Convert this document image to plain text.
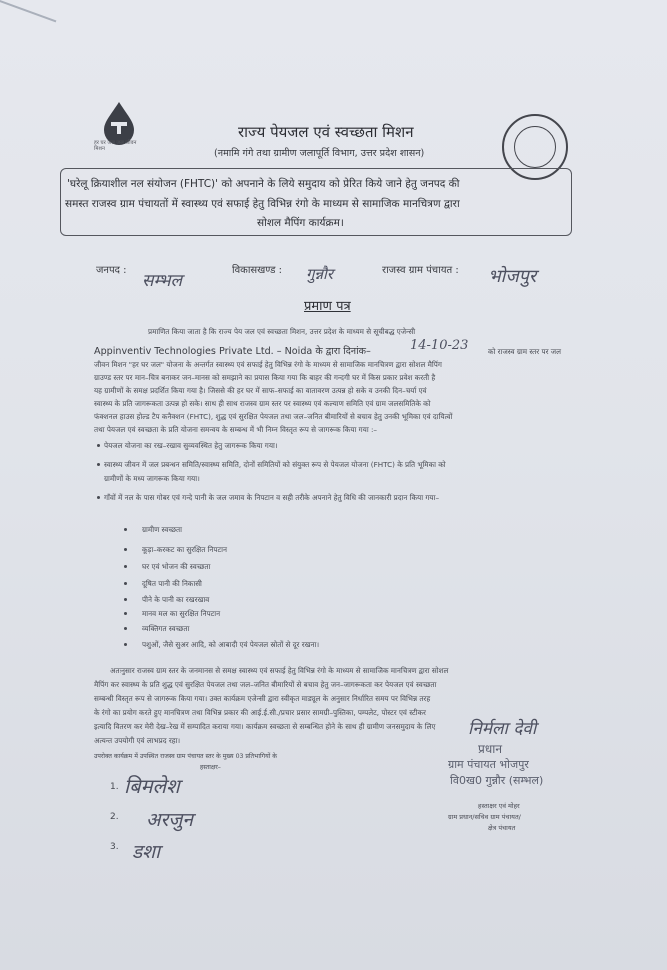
हर घर जल जल जीवन मिशन
राज्य पेयजल एवं स्वच्छता मिशन
(नमामि गंगे तथा ग्रामीण जलापूर्ति विभाग, उत्तर प्रदेश शासन)
'घरेलू क्रियाशील नल संयोजन (FHTC)' को अपनाने के लिये समुदाय को प्रेरित किये जाने हेतु जनपद की
समस्त राजस्व ग्राम पंचायतों में स्वास्थ्य एवं सफाई हेतु विभिन्न रंगो के माध्यम से सामाजिक मानचित्रण द्वारा
सोशल मैपिंग कार्यक्रम।
जनपद :
सम्भल
विकासखण्ड : गुन्नौर	राजस्व ग्राम पंचायत : भोजपुर
प्रमाण पत्र
प्रमाणित किया जाता है कि राज्य पेय जल एवं स्वच्छता मिशन, उत्तर प्रदेश के माध्यम से सूचीबद्ध एजेन्सी
Appinventiv Technologies Private Ltd. – Noida के द्वारा दिनांक–	14-10-23	को राजस्व ग्राम स्तर पर जल
जीवन मिशन "हर घर जल" योजना के अन्तर्गत स्वास्थ्य एवं सफाई हेतु विभिन्न रंगो के माध्यम से सामाजिक मानचित्रण द्वारा सोशल मैपिंग
ग्राउण्ड स्तर पर मान–चित्र बनाकर जन–मानस को समझाने का प्रयास किया गया कि बाहर की गन्दगी घर में किस प्रकार प्रवेश करती है
यह ग्रामीणों के समक्ष प्रदर्शित किया गया है। जिससे की हर घर में साफ–सफाई का वातावरण उत्पन्न हो सके व उनकी दिन–चर्या एवं
स्वास्थ्य के प्रति जागरूकता उत्पन्न हो सके। साथ ही साथ राजस्व ग्राम स्तर पर स्वास्थ्य एवं कल्याण समिति एवं ग्राम जलसमितिके को
फंक्शनल हाउस होल्ड टैप कनैक्शन (FHTC), शुद्ध एवं सुरक्षित पेयजल तथा जल–जनित बीमारियों से बचाव हेतु उनकी भूमिका एवं दायित्वों
तथा पेयजल एवं स्वच्छता के प्रति योजना समन्वय के सम्बन्ध में भी निम्न विस्तृत रूप से जागरूक किया गया :–
पेयजल योजना का रख–रखाव सुव्यवस्थित हेतु जागरूक किया गया।
स्वास्थ्य जीवन में जल प्रबन्धन समिति/स्वास्थ्य समिति, दोनों समितियों को संयुक्त रूप से पेयजल योजना (FHTC) के प्रति भूमिका को
ग्रामीणों के मध्य जागरूक किया गया।
गाँवों में नल के पास गोबर एवं गन्दे पानी के जल जमाव के निपटान व सही तरीके अपनाने हेतु विधि की जानकारी प्रदान किया गया–
ग्रामीण स्वच्छता
कूड़ा–करकट का सुरक्षित निपटान
घर एवं भोजन की स्वच्छता
दूषित पानी की निकासी
पीने के पानी का रखरखाव
मानव मल का सुरक्षित निपटान
व्यक्तिगत स्वच्छता
पशुओं, जैसे सुअर आदि, को आबादी एवं पेयजल स्रोतों से दूर रखना।
अतःनुसार राजस्व ग्राम स्तर के जनमानस से समक्ष स्वास्थ्य एवं सफाई हेतु विभिन्न रंगो के माध्यम से सामाजिक मानचित्रण द्वारा सोशल
मैपिंग कर स्वास्थ्य के प्रति शुद्ध एवं सुरक्षित पेयजल तथा जल–जनित बीमारियों से बचाव हेतु जन–जागरूकता कर पेयजल एवं स्वच्छता
सम्बन्धी विस्तृत रूप से जागरूक किया गया। उक्त कार्यक्रम एजेन्सी द्वारा स्वीकृत माड्यूल के अनुसार निर्धारित समय पर विभिन्न तरह
के रंगो का प्रयोग करते हुए मानचित्रण तथा विभिन्न प्रकार की आई.ई.सी./प्रचार प्रसार सामग्री–पुस्तिका, पम्पलेट, पोस्टर एवं स्टीकर
इत्यादि वितरण कर मेरी देख–रेख में सम्पादित कराया गया। कार्यक्रम स्वच्छता से सम्बन्धित होने के साथ ही ग्रामीण जनसमुदाय के लिए
अत्यन्त उपयोगी एवं लाभप्रद रहा।
उपरोक्त कार्यक्रम में उपस्थित राजस्व ग्राम पंचायत स्तर के मुख्य 03 प्रतिभागियों के
हस्ताक्षर–
1. बिमलेश
2. अरजुन
3. डशा
निर्मला देवी
प्रधान
ग्राम पंचायत भोजपुर
वि0ख0 गुन्नौर (सम्भल)
हस्ताक्षर एवं मोहर
ग्राम प्रधान/सचिव ग्राम पंचायत/
क्षेत्र पंचायत
